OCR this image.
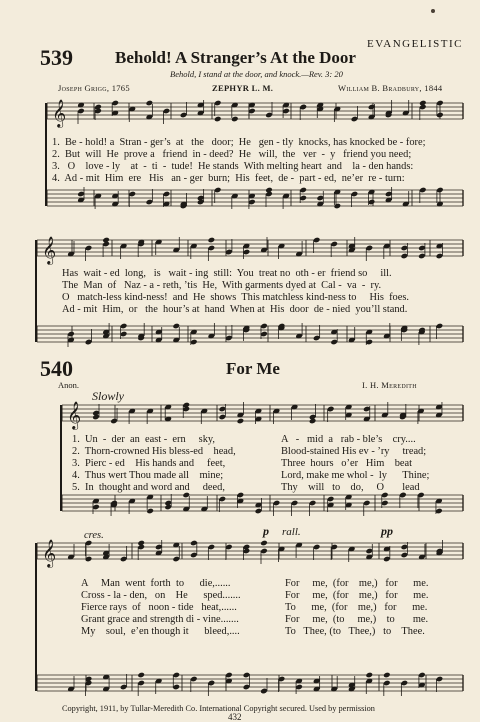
EVANGELISTIC
539 Behold! A Stranger’s At the Door
Behold, I stand at the door, and knock.—Rev. 3: 20
Joseph Grigg, 1765	ZEPHYR L. M.	William B. Bradbury, 1844
𝄞
𝄞
𝄞
𝄞
1.  Be - hold! a  Stran - ger’s  at   the   door;  He   gen - tly  knocks, has knocked be - fore;
2.  But  will  He  prove a   friend  in - deed?  He   will,  the   ver  -  y   friend you need;
3.   O    love - ly    at  -  ti  -  tude!  He stands  With melting heart  and    la - den hands:
4.  Ad - mit  Him  ere   His   an - ger  burn;  His  feet,  de -  part - ed,  ne’er  re - turn:
Has  wait - ed  long,   is   wait - ing  still:  You  treat no  oth - er  friend so     ill.
The  Man  of   Naz - a - reth, ’tis  He,  With garments dyed at  Cal -  va  -  ry.
O   match-less kind-ness!  and  He  shows  This matchless kind-ness to     His  foes.
Ad - mit  Him,  or   the  hour’s at  hand  When at  His  door  de - nied  you’ll stand.
540	For Me
Anon.	I. H. Meredith
Slowly
1.  Un  -  der  an  east -  ern     sky,
2.  Thorn-crowned His bless-ed    head,
3.  Pierc - ed    His hands and     feet,
4.  Thus wert Thou made all    mine;
5.  In  thought and word and     deed,
A   -   mid  a   rab - ble’s    cry....
Blood-stained His ev - ’ry     tread;
Three  hours   o’er   Him    beat
Lord, make me whol -  ly      Thine;
Thy    will   to    do,     O       lead
cres.	p rall.	pp
A     Man  went  forth  to      die,......
Cross - la - den,   on    He      sped.......
Fierce rays  of   noon - tide   heat,......
Grant grace and strength di - vine.......
My    soul,  e’en though it      bleed,....
For     me,  (for    me,)   for      me.
For     me,  (for    me,)   for      me.
To      me,  (for    me,)   for      me.
For     me,  (to     me,)    to       me.
To   Thee, (to   Thee,)   to    Thee.
Copyright, 1911, by Tullar-Meredith Co. International Copyright secured. Used by permission
432
